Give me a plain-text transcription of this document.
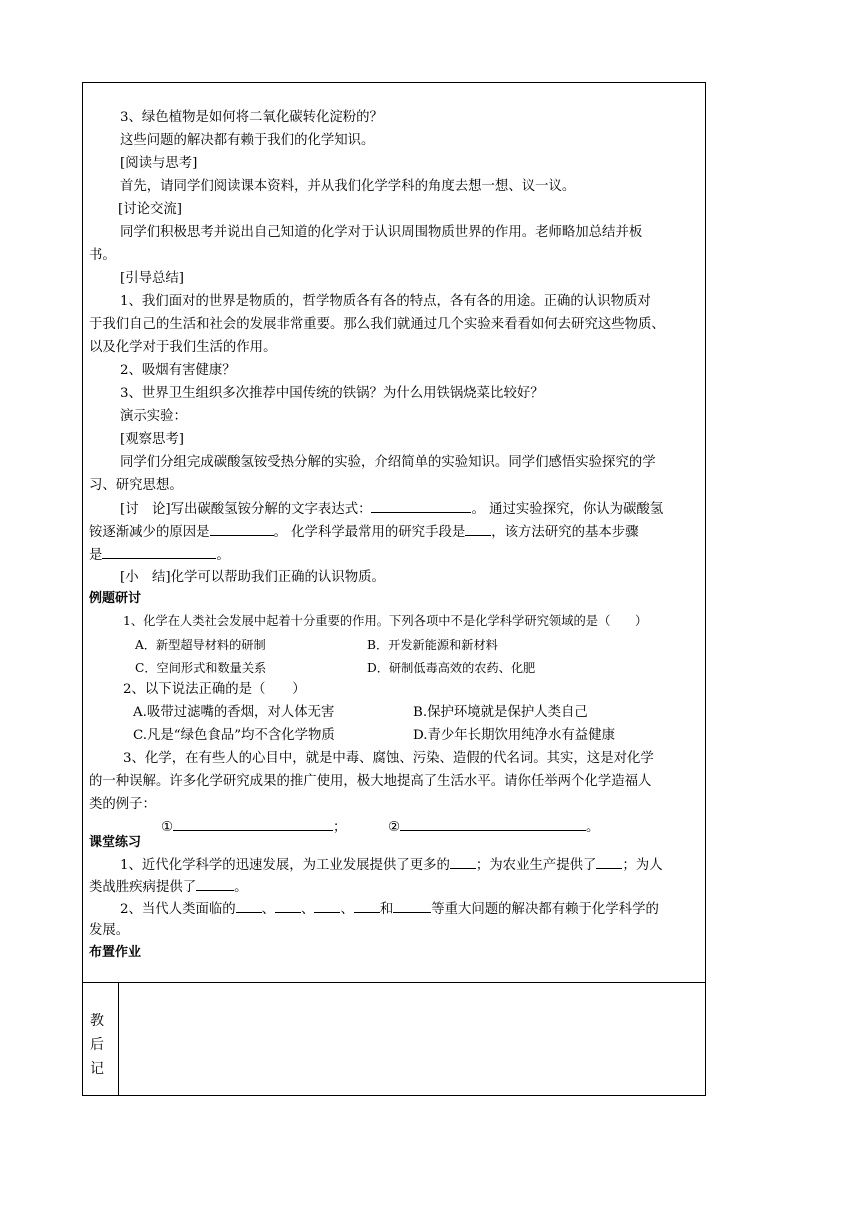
3、绿色植物是如何将二氧化碳转化淀粉的？
这些问题的解决都有赖于我们的化学知识。
[阅读与思考]
首先，请同学们阅读课本资料，并从我们化学学科的角度去想一想、议一议。
[讨论交流]
同学们积极思考并说出自己知道的化学对于认识周围物质世界的作用。老师略加总结并板
书。
[引导总结]
1、我们面对的世界是物质的，哲学物质各有各的特点，各有各的用途。正确的认识物质对
于我们自己的生活和社会的发展非常重要。那么我们就通过几个实验来看看如何去研究这些物质、
以及化学对于我们生活的作用。
2、吸烟有害健康？
3、世界卫生组织多次推荐中国传统的铁锅？为什么用铁锅烧菜比较好？
演示实验：
[观察思考]
同学们分组完成碳酸氢铵受热分解的实验，介绍简单的实验知识。同学们感悟实验探究的学
习、研究思想。
[讨　论]写出碳酸氢铵分解的文字表达式：	。 通过实验探究，你认为碳酸氢
铵逐渐减少的原因是	。 化学科学最常用的研究手段是 ，该方法研究的基本步骤
是	。
[小　结]化学可以帮助我们正确的认识物质。
例题研讨
1、化学在人类社会发展中起着十分重要的作用。下列各项中不是化学科学研究领域的是（　　）
A．新型超导材料的研制	B．开发新能源和新材料
C．空间形式和数量关系	D．研制低毒高效的农药、化肥
2、以下说法正确的是（　　）
A.吸带过滤嘴的香烟，对人体无害	B.保护环境就是保护人类自己
C.凡是“绿色食品”均不含化学物质	D.青少年长期饮用纯净水有益健康
3、化学，在有些人的心目中，就是中毒、腐蚀、污染、造假的代名词。其实，这是对化学
的一种误解。许多化学研究成果的推广使用，极大地提高了生活水平。请你任举两个化学造福人
类的例子：
①	；	②	。
课堂练习
1、近代化学科学的迅速发展，为工业发展提供了更多的 ；为农业生产提供了 ；为人
类战胜疾病提供了	。
2、当代人类面临的 、 、 、 和	等重大问题的解决都有赖于化学科学的
发展。
布置作业
教
后
记
